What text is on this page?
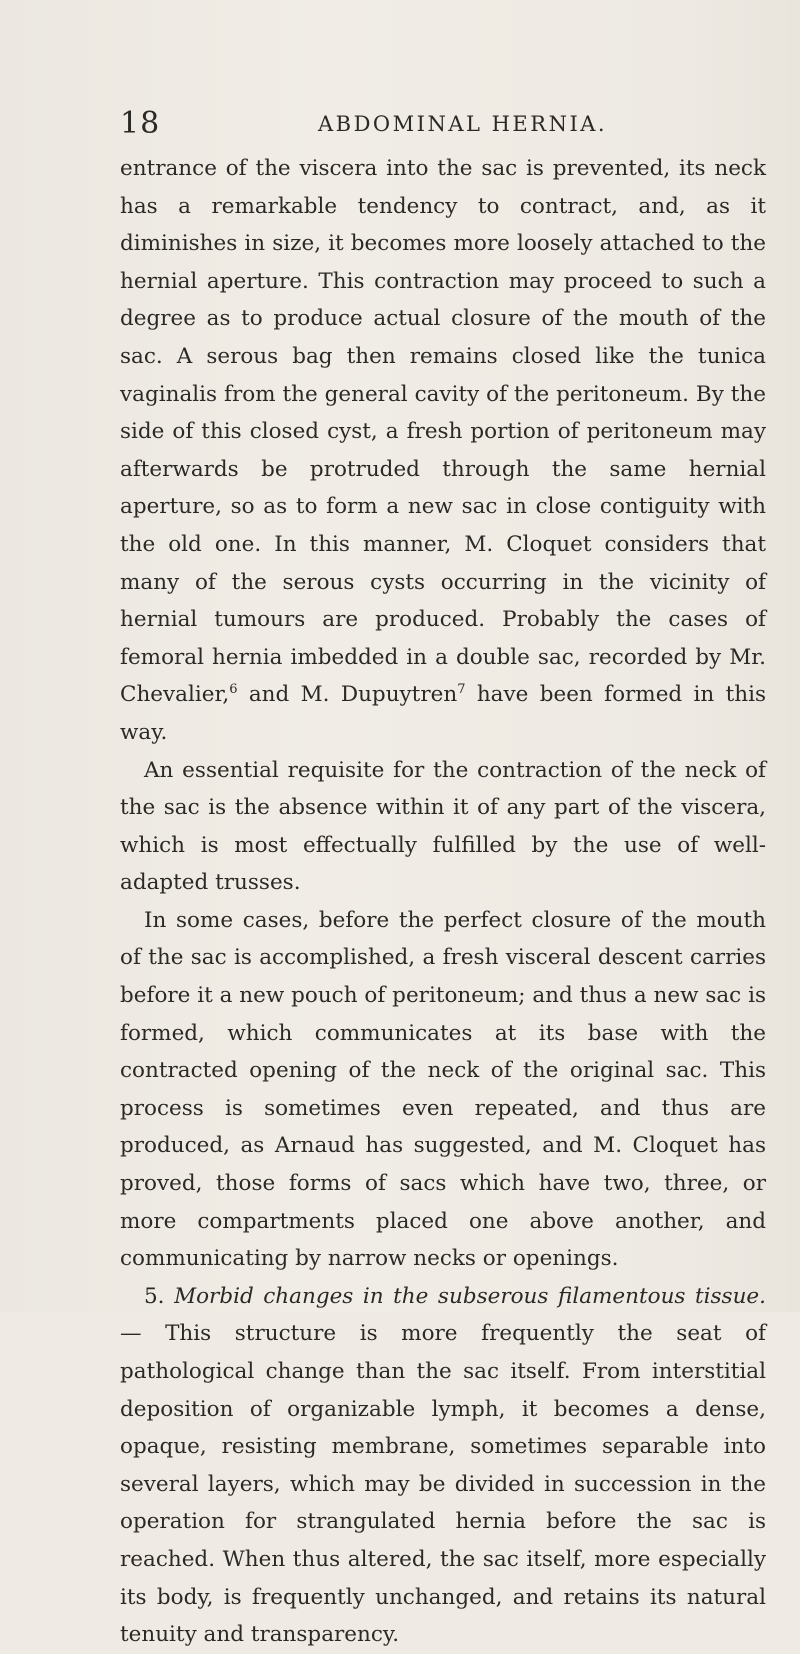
18	ABDOMINAL HERNIA.

entrance of the viscera into the sac is prevented, its neck has a remarkable tendency to contract, and, as it diminishes in size, it becomes more loosely attached to the hernial aperture. This contraction may proceed to such a degree as to produce actual closure of the mouth of the sac. A serous bag then remains closed like the tunica vaginalis from the general cavity of the peritoneum. By the side of this closed cyst, a fresh portion of peritoneum may afterwards be protruded through the same hernial aperture, so as to form a new sac in close contiguity with the old one. In this manner, M. Cloquet considers that many of the serous cysts occurring in the vicinity of hernial tumours are produced. Probably the cases of femoral hernia imbedded in a double sac, recorded by Mr. Chevalier,$^6$ and M. Dupuytren$^7$ have been formed in this way.

An essential requisite for the contraction of the neck of the sac is the absence within it of any part of the viscera, which is most effectually fulfilled by the use of well-adapted trusses.

In some cases, before the perfect closure of the mouth of the sac is accomplished, a fresh visceral descent carries before it a new pouch of peritoneum; and thus a new sac is formed, which communicates at its base with the contracted opening of the neck of the original sac. This process is sometimes even repeated, and thus are produced, as Arnaud has suggested, and M. Cloquet has proved, those forms of sacs which have two, three, or more compartments placed one above another, and communicating by narrow necks or openings.

5. Morbid changes in the subserous filamentous tissue.— This structure is more frequently the seat of pathological change than the sac itself. From interstitial deposition of organizable lymph, it becomes a dense, opaque, resisting membrane, sometimes separable into several layers, which may be divided in succession in the operation for strangulated hernia before the sac is reached. When thus altered, the sac itself, more especially its body, is frequently unchanged, and retains its natural tenuity and transparency.
